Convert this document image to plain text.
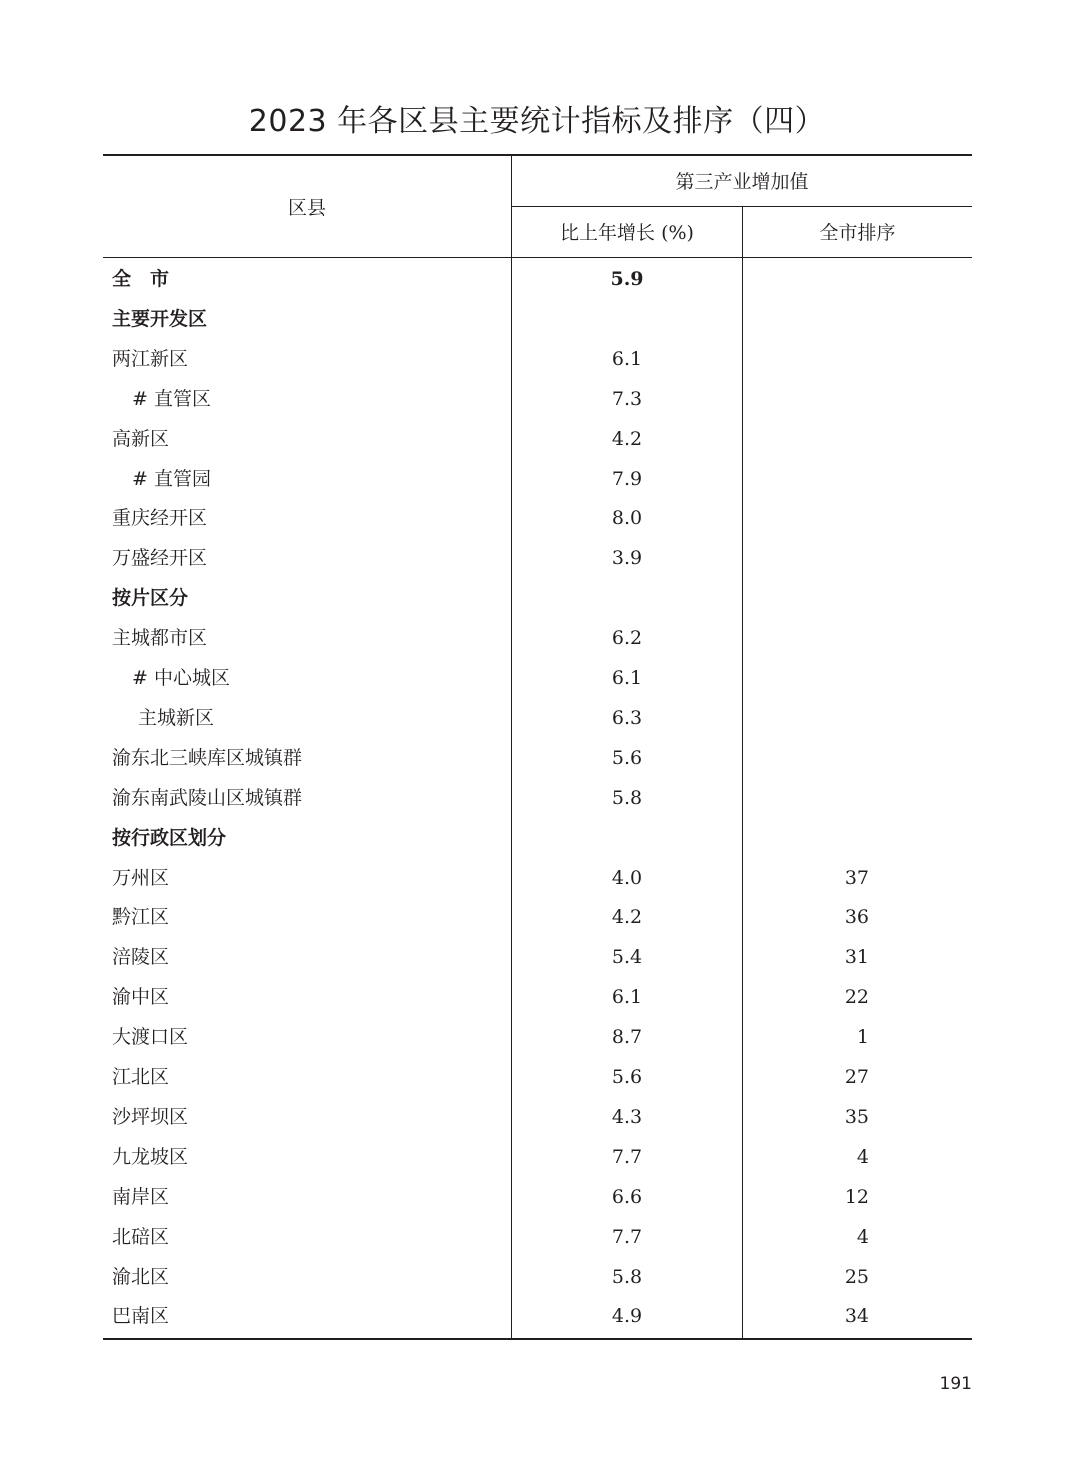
2023 年各区县主要统计指标及排序（四）
区县
第三产业增加值
比上年增长 (%)	全市排序
全　市	5.9
主要开发区
两江新区	6.1
# 直管区	7.3
高新区	4.2
# 直管园	7.9
重庆经开区	8.0
万盛经开区	3.9
按片区分
主城都市区	6.2
# 中心城区	6.1
主城新区	6.3
渝东北三峡库区城镇群	5.6
渝东南武陵山区城镇群	5.8
按行政区划分
万州区	4.0	37
黔江区	4.2	36
涪陵区	5.4	31
渝中区	6.1	22
大渡口区	8.7	1
江北区	5.6	27
沙坪坝区	4.3	35
九龙坡区	7.7	4
南岸区	6.6	12
北碚区	7.7	4
渝北区	5.8	25
巴南区	4.9	34
191
